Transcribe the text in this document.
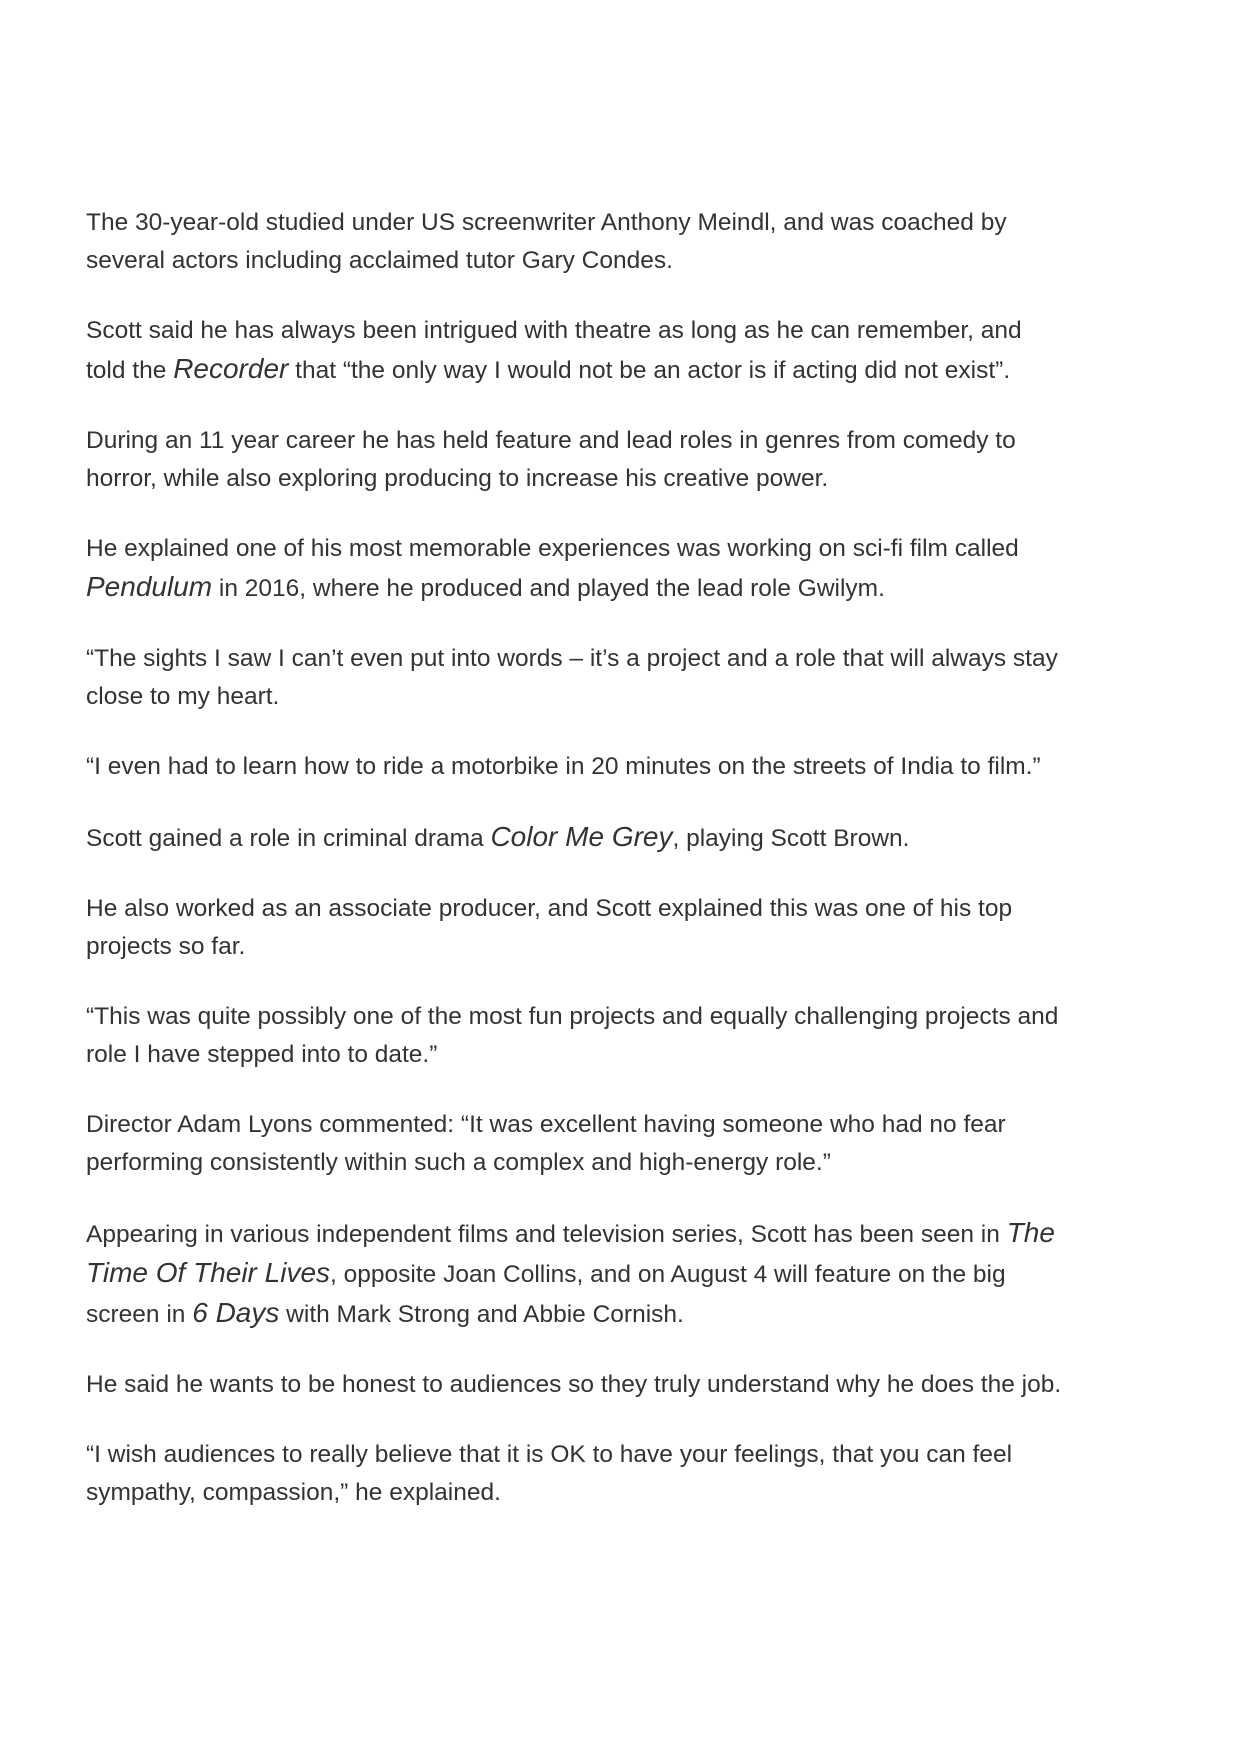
The 30-year-old studied under US screenwriter Anthony Meindl, and was coached by
several actors including acclaimed tutor Gary Condes.

Scott said he has always been intrigued with theatre as long as he can remember, and
told the Recorder that “the only way I would not be an actor is if acting did not exist”.

During an 11 year career he has held feature and lead roles in genres from comedy to
horror, while also exploring producing to increase his creative power.

He explained one of his most memorable experiences was working on sci-fi film called
Pendulum in 2016, where he produced and played the lead role Gwilym.

“The sights I saw I can’t even put into words – it’s a project and a role that will always stay
close to my heart.

“I even had to learn how to ride a motorbike in 20 minutes on the streets of India to film.”

Scott gained a role in criminal drama Color Me Grey, playing Scott Brown.

He also worked as an associate producer, and Scott explained this was one of his top
projects so far.

“This was quite possibly one of the most fun projects and equally challenging projects and
role I have stepped into to date.”

Director Adam Lyons commented: “It was excellent having someone who had no fear
performing consistently within such a complex and high-energy role.”

Appearing in various independent films and television series, Scott has been seen in The
Time Of Their Lives, opposite Joan Collins, and on August 4 will feature on the big
screen in 6 Days with Mark Strong and Abbie Cornish.

He said he wants to be honest to audiences so they truly understand why he does the job.

“I wish audiences to really believe that it is OK to have your feelings, that you can feel
sympathy, compassion,” he explained.
